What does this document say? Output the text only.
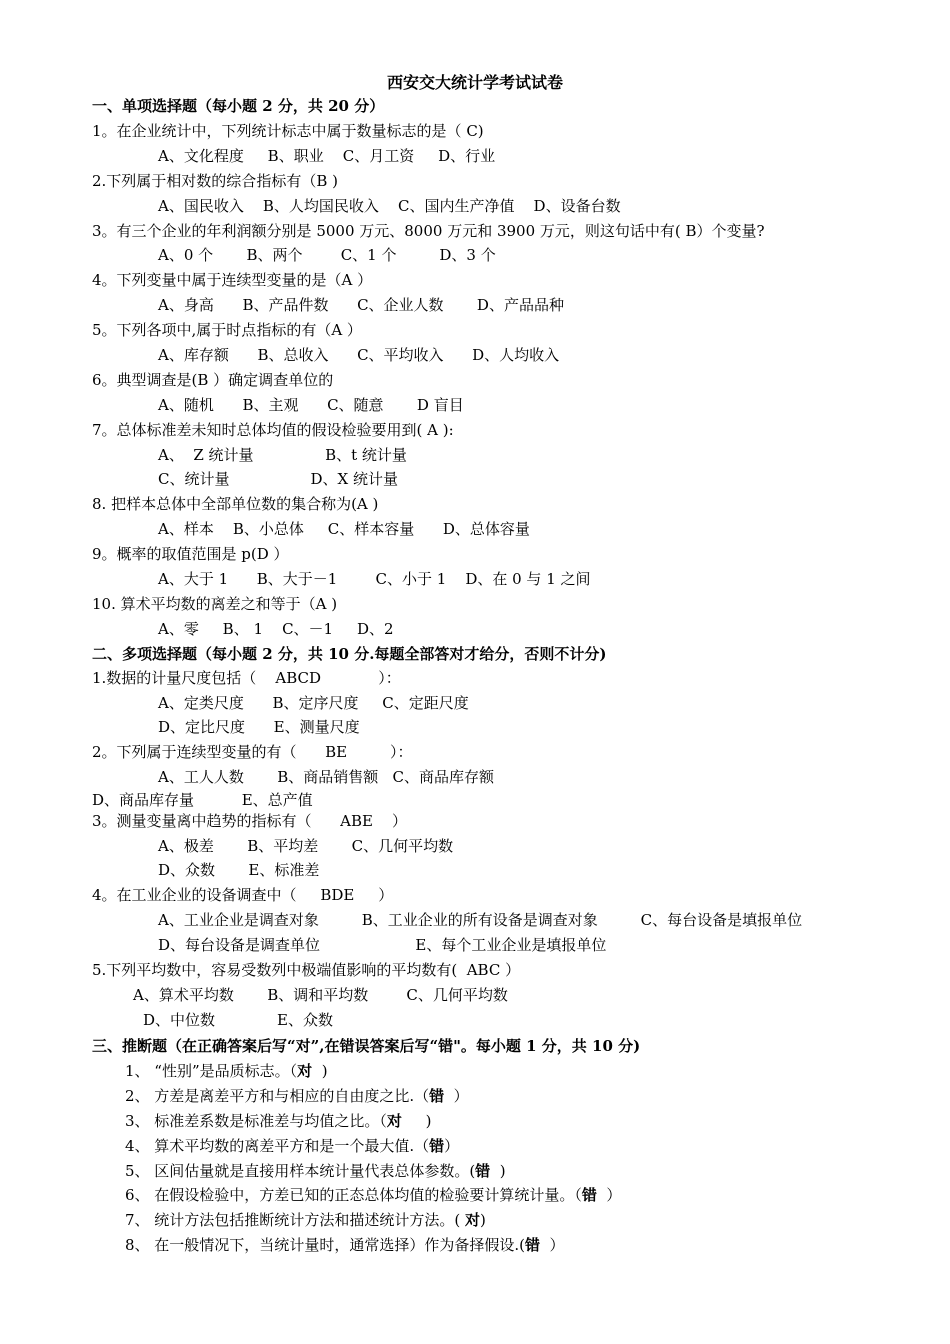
西安交大统计学考试试卷
一、单项选择题（每小题 2 分，共 20 分）
1。在企业统计中，下列统计标志中属于数量标志的是（ C)
A、文化程度     B、职业    C、月工资     D、行业
2.下列属于相对数的综合指标有（B )
A、国民收入    B、人均国民收入    C、国内生产净值    D、设备台数
3。有三个企业的年利润额分别是 5000 万元、8000 万元和 3900 万元，则这句话中有( B）个变量?
A、0 个       B、两个        C、1 个         D、3 个
4。下列变量中属于连续型变量的是（A ）
A、身高      B、产品件数      C、企业人数       D、产品品种
5。下列各项中,属于时点指标的有（A ）
A、库存额      B、总收入      C、平均收入      D、人均收入
6。典型调查是(B ）确定调查单位的
A、随机      B、主观      C、随意       D 盲目
7。总体标准差未知时总体均值的假设检验要用到( A ):
A、  Z 统计量               B、t 统计量
C、统计量                 D、X 统计量
8. 把样本总体中全部单位数的集合称为(A )
A、样本    B、小总体     C、样本容量      D、总体容量
9。概率的取值范围是 p(D ）
A、大于 1      B、大于－1        C、小于 1    D、在 0 与 1 之间
10. 算术平均数的离差之和等于（A )
A、零     B、 1    C、－1     D、2
二、多项选择题（每小题 2 分，共 10 分.每题全部答对才给分，否则不计分)
1.数据的计量尺度包括（    ABCD            ）：
A、定类尺度      B、定序尺度     C、定距尺度
D、定比尺度      E、测量尺度
2。下列属于连续型变量的有（      BE         ）：
A、工人人数       B、商品销售额   C、商品库存额
D、商品库存量          E、总产值
3。测量变量离中趋势的指标有（      ABE    ）
A、极差       B、平均差       C、几何平均数
D、众数       E、标准差
4。在工业企业的设备调查中（     BDE     ）
A、工业企业是调查对象         B、工业企业的所有设备是调查对象         C、每台设备是填报单位
D、每台设备是调查单位                    E、每个工业企业是填报单位
5.下列平均数中，容易受数列中极端值影响的平均数有(  ABC ）
A、算术平均数       B、调和平均数        C、几何平均数
D、中位数             E、众数
三、推断题（在正确答案后写“对”,在错误答案后写“错"。每小题 1 分，共 10 分)
1、 “性别”是品质标志。（对  )
2、 方差是离差平方和与相应的自由度之比.（错  ）
3、 标准差系数是标准差与均值之比。（对     )
4、 算术平均数的离差平方和是一个最大值.（错）
5、 区间估量就是直接用样本统计量代表总体参数。(错  )
6、 在假设检验中，方差已知的正态总体均值的检验要计算统计量。（错  ）
7、 统计方法包括推断统计方法和描述统计方法。( 对)
8、 在一般情况下，当统计量时，通常选择）作为备择假设.(错  ）
